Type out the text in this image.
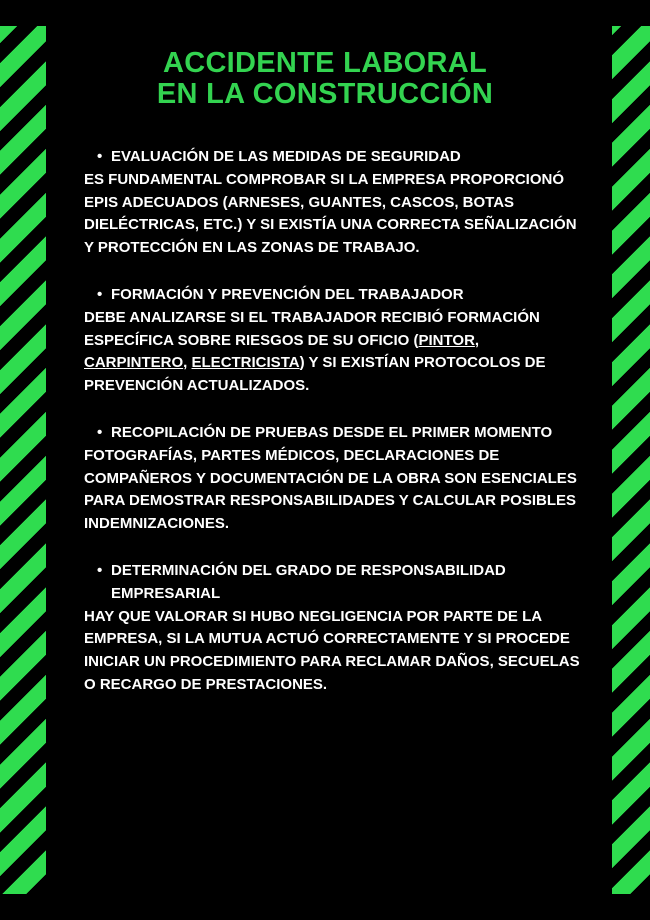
ACCIDENTE LABORAL
EN LA CONSTRUCCIÓN

• EVALUACIÓN DE LAS MEDIDAS DE SEGURIDAD

ES FUNDAMENTAL COMPROBAR SI LA EMPRESA PROPORCIONÓ EPIS ADECUADOS (ARNESES, GUANTES, CASCOS, BOTAS DIELÉCTRICAS, ETC.) Y SI EXISTÍA UNA CORRECTA SEÑALIZACIÓN Y PROTECCIÓN EN LAS ZONAS DE TRABAJO.

• FORMACIÓN Y PREVENCIÓN DEL TRABAJADOR

DEBE ANALIZARSE SI EL TRABAJADOR RECIBIÓ FORMACIÓN ESPECÍFICA SOBRE RIESGOS DE SU OFICIO (PINTOR, CARPINTERO, ELECTRICISTA) Y SI EXISTÍAN PROTOCOLOS DE PREVENCIÓN ACTUALIZADOS.

• RECOPILACIÓN DE PRUEBAS DESDE EL PRIMER MOMENTO

FOTOGRAFÍAS, PARTES MÉDICOS, DECLARACIONES DE COMPAÑEROS Y DOCUMENTACIÓN DE LA OBRA SON ESENCIALES PARA DEMOSTRAR RESPONSABILIDADES Y CALCULAR POSIBLES INDEMNIZACIONES.

• DETERMINACIÓN DEL GRADO DE RESPONSABILIDAD EMPRESARIAL

HAY QUE VALORAR SI HUBO NEGLIGENCIA POR PARTE DE LA EMPRESA, SI LA MUTUA ACTUÓ CORRECTAMENTE Y SI PROCEDE INICIAR UN PROCEDIMIENTO PARA RECLAMAR DAÑOS, SECUELAS O RECARGO DE PRESTACIONES.
